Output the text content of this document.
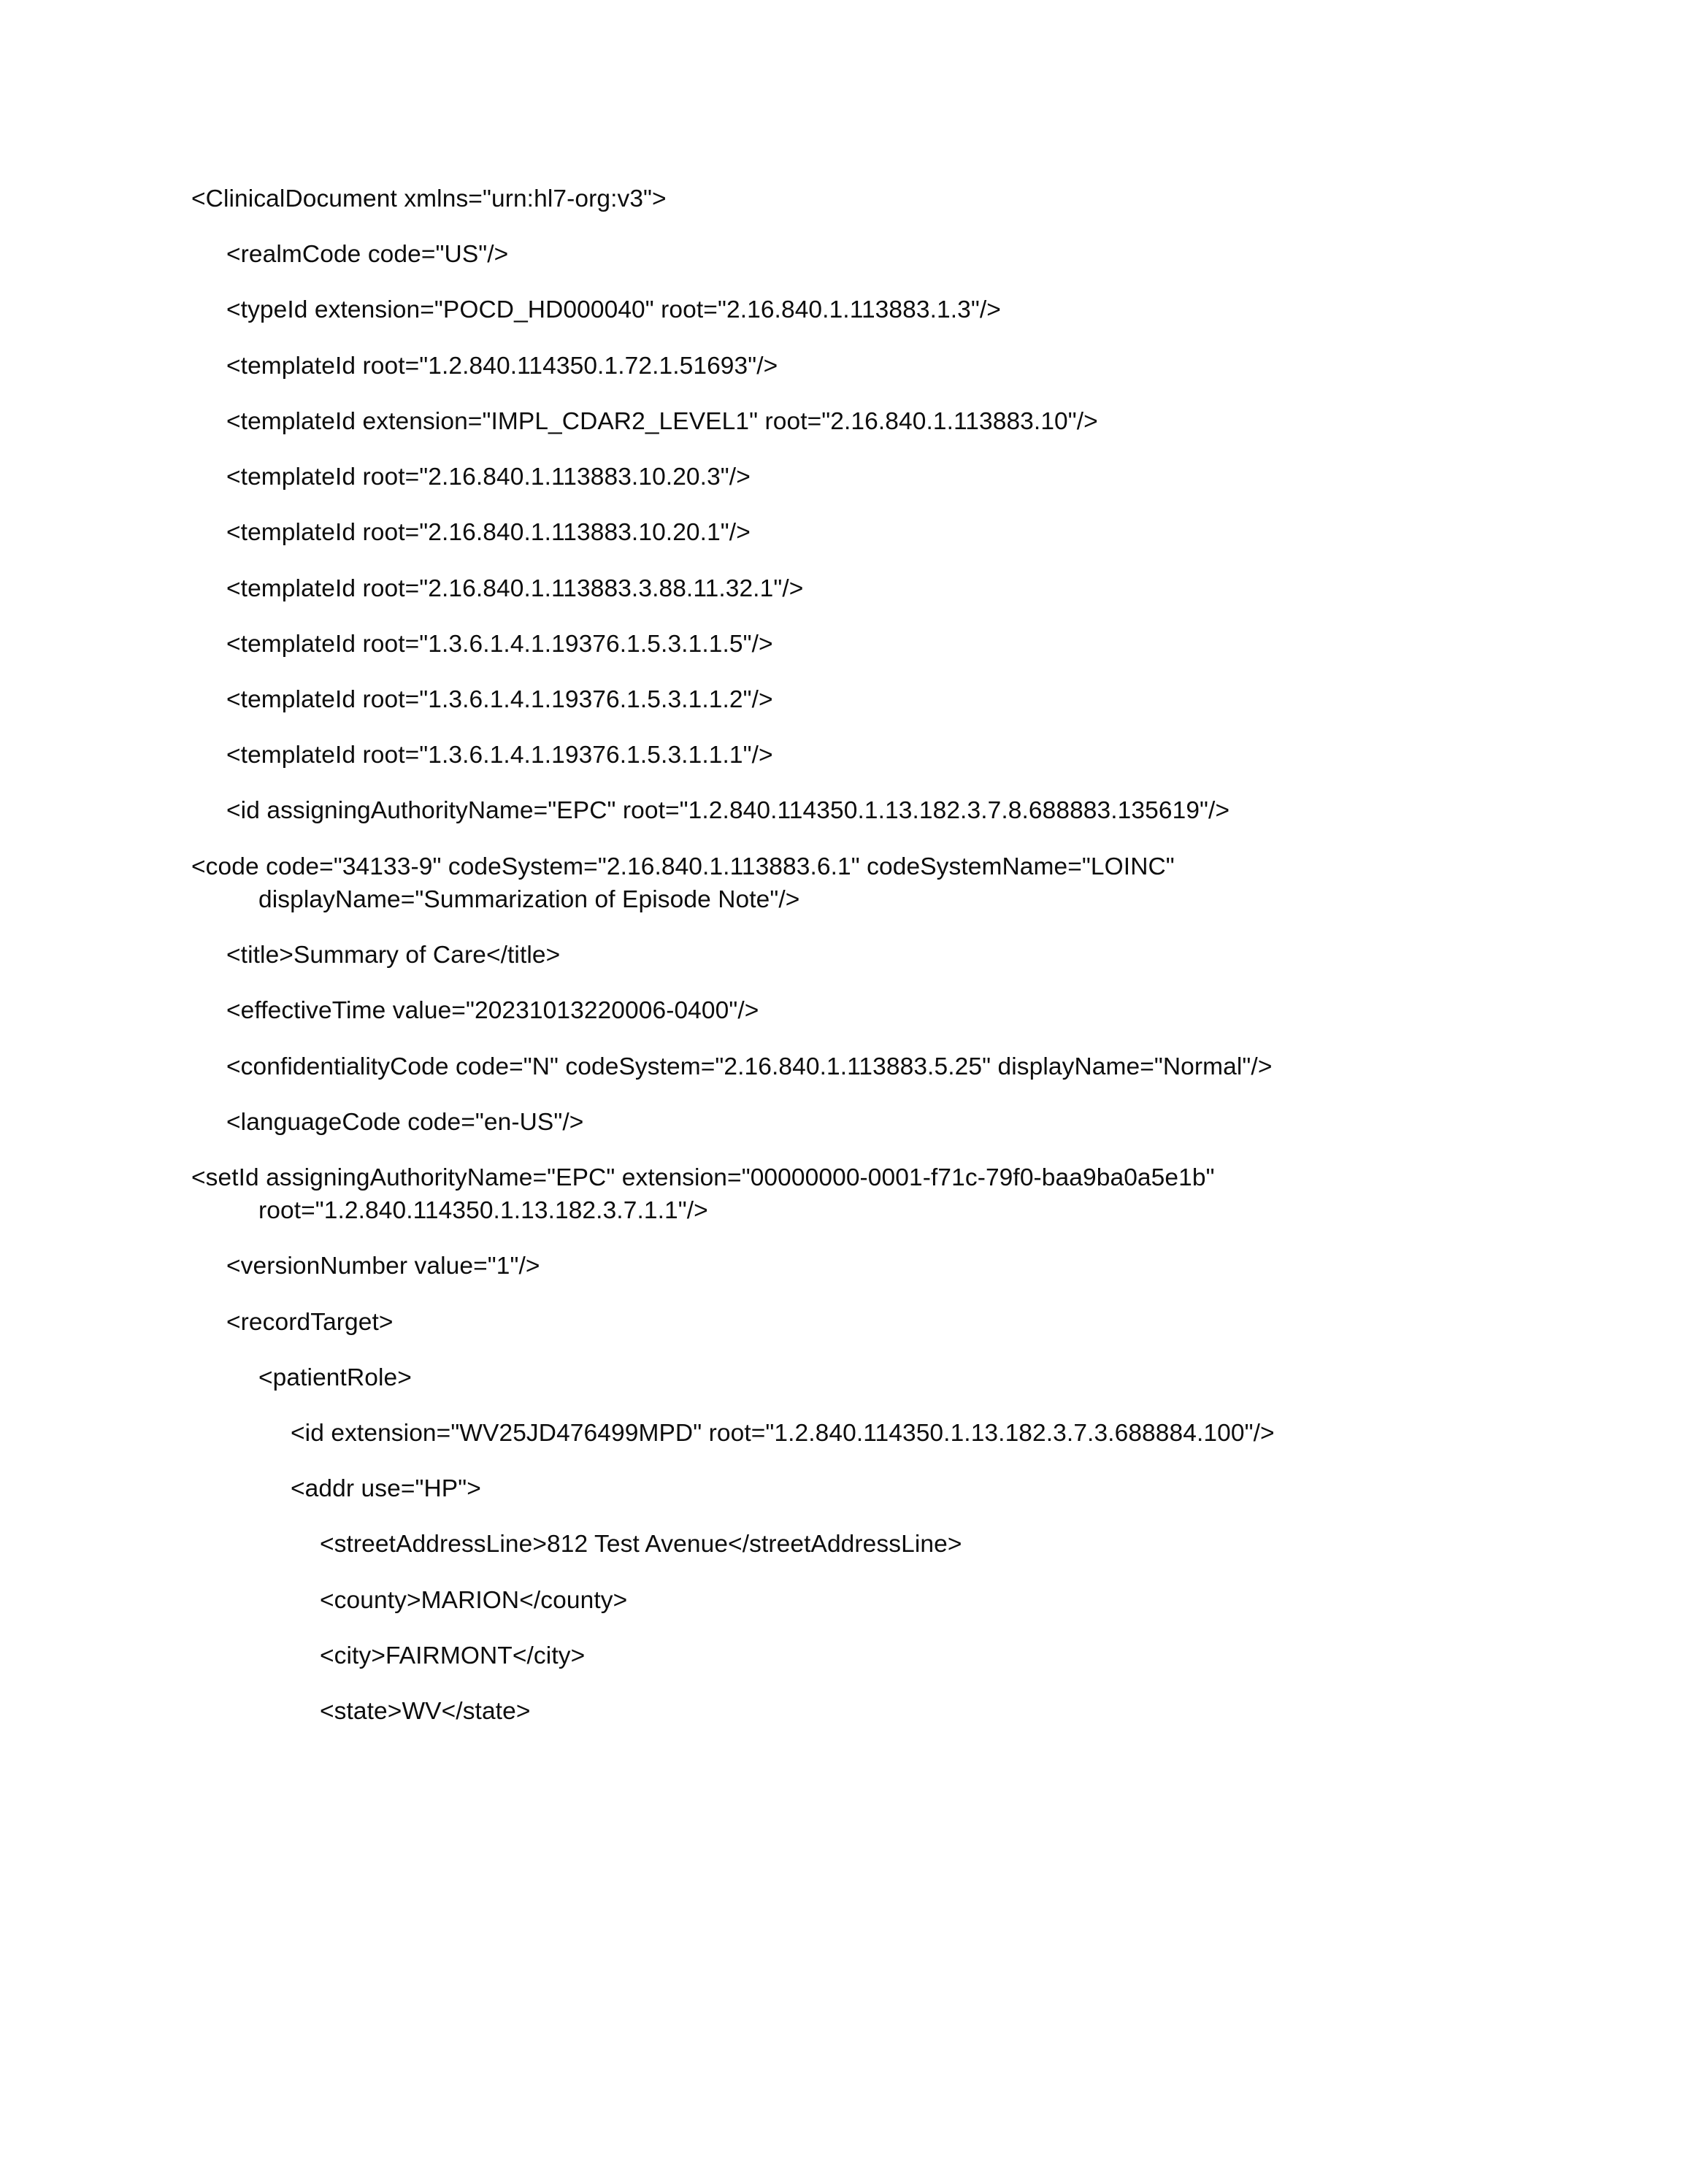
<ClinicalDocument xmlns="urn:hl7-org:v3">

<realmCode code="US"/>

<typeId extension="POCD_HD000040" root="2.16.840.1.113883.1.3"/>

<templateId root="1.2.840.114350.1.72.1.51693"/>

<templateId extension="IMPL_CDAR2_LEVEL1" root="2.16.840.1.113883.10"/>

<templateId root="2.16.840.1.113883.10.20.3"/>

<templateId root="2.16.840.1.113883.10.20.1"/>

<templateId root="2.16.840.1.113883.3.88.11.32.1"/>

<templateId root="1.3.6.1.4.1.19376.1.5.3.1.1.5"/>

<templateId root="1.3.6.1.4.1.19376.1.5.3.1.1.2"/>

<templateId root="1.3.6.1.4.1.19376.1.5.3.1.1.1"/>

<id assigningAuthorityName="EPC" root="1.2.840.114350.1.13.182.3.7.8.688883.135619"/>

<code code="34133-9" codeSystem="2.16.840.1.113883.6.1" codeSystemName="LOINC" displayName="Summarization of Episode Note"/>

<title>Summary of Care</title>

<effectiveTime value="20231013220006-0400"/>

<confidentialityCode code="N" codeSystem="2.16.840.1.113883.5.25" displayName="Normal"/>

<languageCode code="en-US"/>

<setId assigningAuthorityName="EPC" extension="00000000-0001-f71c-79f0-baa9ba0a5e1b" root="1.2.840.114350.1.13.182.3.7.1.1"/>

<versionNumber value="1"/>

<recordTarget>

<patientRole>

<id extension="WV25JD476499MPD" root="1.2.840.114350.1.13.182.3.7.3.688884.100"/>

<addr use="HP">

<streetAddressLine>812 Test Avenue</streetAddressLine>

<county>MARION</county>

<city>FAIRMONT</city>

<state>WV</state>
